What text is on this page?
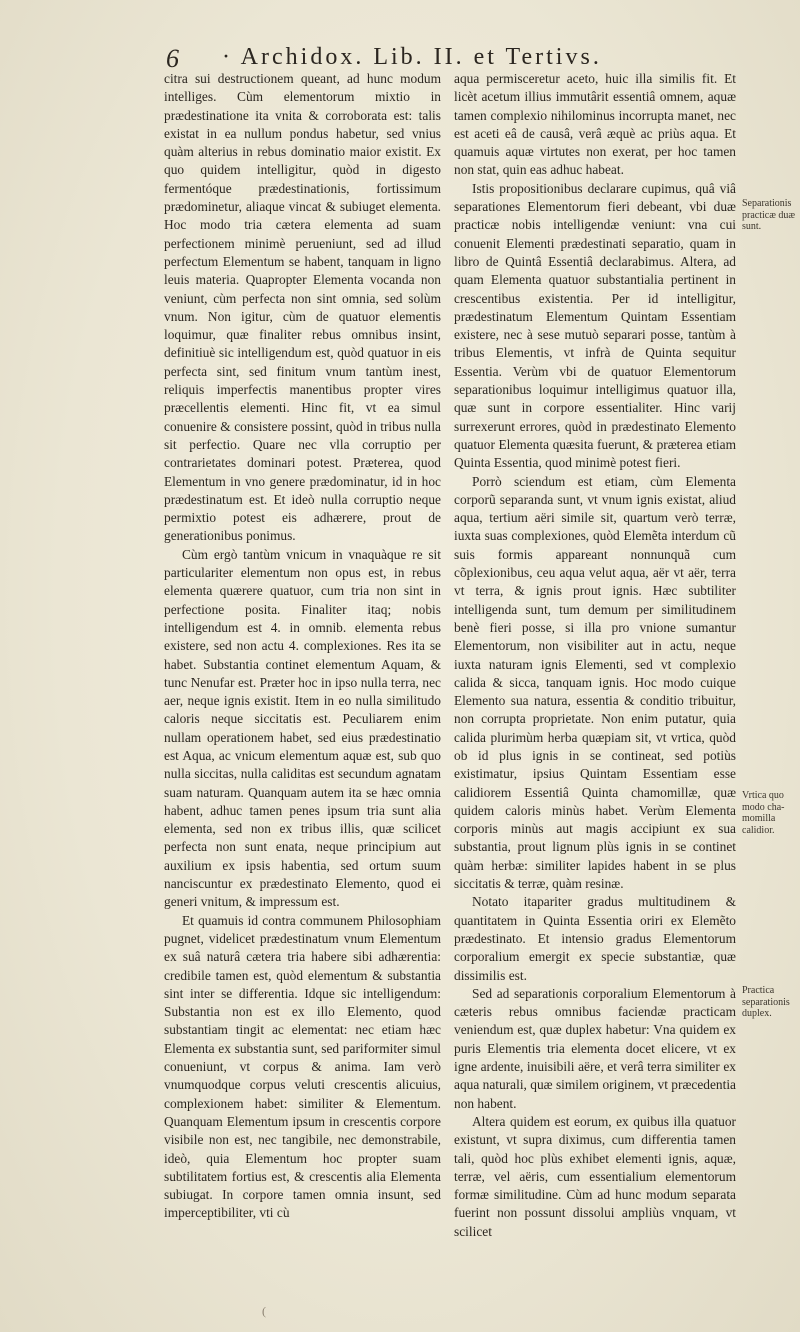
6 · Archidox. Lib. II. et Tertivs.

citra sui destructionem queant, ad hunc modum intelliges. Cùm elementorum mixtio in prædestinatione ita vnita & corroborata est: talis existat in ea nullum pondus habetur, sed vnius quàm alterius in rebus dominatio maior existit. Ex quo quidem intelligitur, quòd in digesto fermentóque prædestinationis, fortissimum prædominetur, aliaque vincat & subiuget elementa. Hoc modo tria cætera elementa ad suam perfectionem minimè perueniunt, sed ad illud perfectum Elementum se habent, tanquam in ligno leuis materia. Quapropter Elementa vocanda non veniunt, cùm perfecta non sint omnia, sed solùm vnum. Non igitur, cùm de quatuor elementis loquimur, quæ finaliter rebus omnibus insint, definitiuè sic intelligendum est, quòd quatuor in eis perfecta sint, sed finitum vnum tantùm inest, reliquis imperfectis manentibus propter vires præcellentis elementi. Hinc fit, vt ea simul conuenire & consistere possint, quòd in tribus nulla sit perfectio. Quare nec vlla corruptio per contrarietates dominari potest. Præterea, quod Elementum in vno genere prædominatur, id in hoc prædestinatum est. Et ideò nulla corruptio neque permixtio potest eis adhærere, prout de generationibus ponimus.

Cùm ergò tantùm vnicum in vnaquàque re sit particulariter elementum non opus est, in rebus elementa quærere quatuor, cum tria non sint in perfectione posita. Finaliter itaq; nobis intelligendum est 4. in omnib. elementa rebus existere, sed non actu 4. complexiones. Res ita se habet. Substantia continet elementum Aquam, & tunc Nenufar est. Præter hoc in ipso nulla terra, nec aer, neque ignis existit. Item in eo nulla similitudo caloris neque siccitatis est. Peculiarem enim nullam operationem habet, sed eius prædestinatio est Aqua, ac vnicum elementum aquæ est, sub quo nulla siccitas, nulla caliditas est secundum agnatam suam naturam. Quanquam autem ita se hæc omnia habent, adhuc tamen penes ipsum tria sunt alia elementa, sed non ex tribus illis, quæ scilicet perfecta non sunt enata, neque principium aut auxilium ex ipsis habentia, sed ortum suum nanciscuntur ex prædestinato Elemento, quod ei generi vnitum, & impressum est.

Et quamuis id contra communem Philosophiam pugnet, videlicet prædestinatum vnum Elementum ex suâ naturâ cætera tria habere sibi adhærentia: credibile tamen est, quòd elementum & substantia sint inter se differentia. Idque sic intelligendum: Substantia non est ex illo Elemento, quod substantiam tingit ac elementat: nec etiam hæc Elementa ex substantia sunt, sed pariformiter simul conueniunt, vt corpus & anima. Iam verò vnumquodque corpus veluti crescentis alicuius, complexionem habet: similiter & Elementum. Quanquam Elementum ipsum in crescentis corpore visibile non est, nec tangibile, nec demonstrabile, ideò, quia Elementum hoc propter suam subtilitatem fortius est, & crescentis alia Elementa subiugat. In corpore tamen omnia insunt, sed imperceptibiliter, vti cù

aqua permisceretur aceto, huic illa similis fit. Et licèt acetum illius immutârit essentiâ omnem, aquæ tamen complexio nihilominus incorrupta manet, nec est aceti eâ de causâ, verâ æquè ac priùs aqua. Et quamuis aquæ virtutes non exerat, per hoc tamen non stat, quin eas adhuc habeat.

Istis propositionibus declarare cupimus, quâ viâ separationes Elementorum fieri debeant, vbi duæ practicæ nobis intelligendæ veniunt: vna cui conuenit Elementi prædestinati separatio, quam in libro de Quintâ Essentiâ declarabimus. Altera, ad quam Elementa quatuor substantialia pertinent in crescentibus existentia. Per id intelligitur, prædestinatum Elementum Quintam Essentiam existere, nec à sese mutuò separari posse, tantùm à tribus Elementis, vt infrà de Quinta sequitur Essentia. Verùm vbi de quatuor Elementorum separationibus loquimur intelligimus quatuor illa, quæ sunt in corpore essentialiter. Hinc varij surrexerunt errores, quòd in prædestinato Elemento quatuor Elementa quæsita fuerunt, & præterea etiam Quinta Essentia, quod minimè potest fieri.

Porrò sciendum est etiam, cùm Elementa corporũ separanda sunt, vt vnum ignis existat, aliud aqua, tertium aëri simile sit, quartum verò terræ, iuxta suas complexiones, quòd Elemẽta interdum cũ suis formis appareant nonnunquã cum cõplexionibus, ceu aqua velut aqua, aër vt aër, terra vt terra, & ignis prout ignis. Hæc subtiliter intelligenda sunt, tum demum per similitudinem benè fieri posse, si illa pro vnione sumantur Elementorum, non visibiliter aut in actu, neque iuxta naturam ignis Elementi, sed vt complexio calida & sicca, tanquam ignis. Hoc modo cuique Elemento sua natura, essentia & conditio tribuitur, non corrupta proprietate. Non enim putatur, quia calida plurimùm herba quæpiam sit, vt vrtica, quòd ob id plus ignis in se contineat, sed potiùs existimatur, ipsius Quintam Essentiam esse calidiorem Essentiâ Quinta chamomillæ, quæ quidem caloris minùs habet. Verùm Elementa corporis minùs aut magis accipiunt ex sua substantia, prout lignum plùs ignis in se continet quàm herbæ: similiter lapides habent in se plus siccitatis & terræ, quàm resinæ.

Notato itapariter gradus multitudinem & quantitatem in Quinta Essentia oriri ex Elemẽto prædestinato. Et intensio gradus Elementorum corporalium emergit ex specie substantiæ, quæ dissimilis est.

Sed ad separationis corporalium Elementorum à cæteris rebus omnibus faciendæ practicam veniendum est, quæ duplex habetur: Vna quidem ex puris Elementis tria elementa docet elicere, vt ex igne ardente, inuisibili aëre, et verâ terra similiter ex aqua naturali, quæ similem originem, vt præcedentia non habent.

Altera quidem est eorum, ex quibus illa quatuor existunt, vt supra diximus, cum differentia tamen tali, quòd hoc plùs exhibet elementi ignis, aquæ, terræ, vel aëris, cum essentialium elementorum formæ similitudine. Cùm ad hunc modum separata fuerint non possunt dissolui ampliùs vnquam, vt scilicet

Separationis practicæ duæ sunt.
Vrtica quo modo cha-momilla calidior.
Practica separationis duplex.
(
